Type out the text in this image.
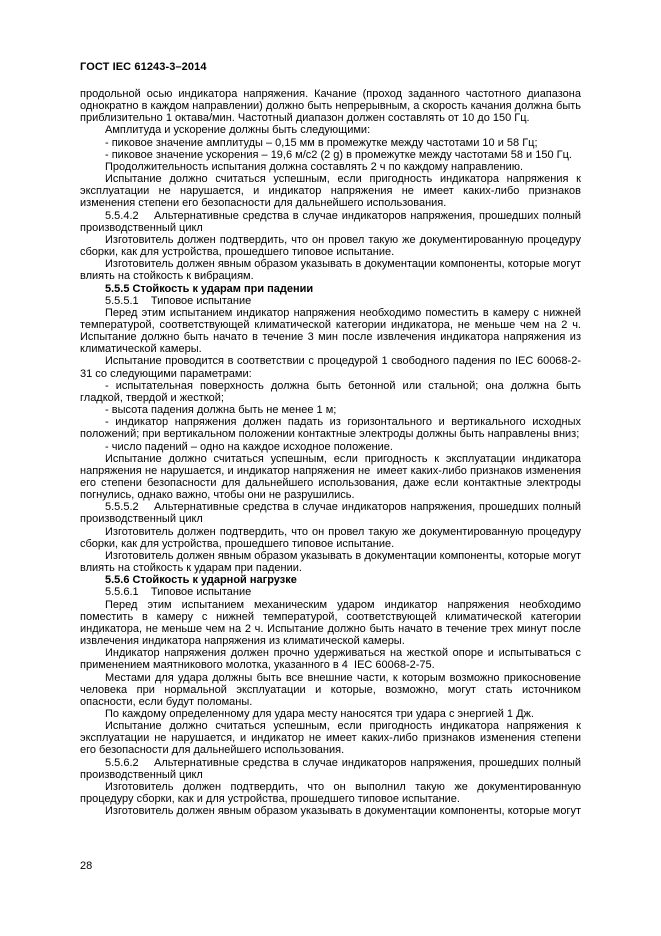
ГОСТ IEC 61243-3–2014

продольной осью индикатора напряжения. Качание (проход заданного частотного диапазона однократно в каждом направлении) должно быть непрерывным, а скорость качания должна быть приблизительно 1 октава/мин. Частотный диапазон должен составлять от 10 до 150 Гц.

Амплитуда и ускорение должны быть следующими:

- пиковое значение амплитуды – 0,15 мм в промежутке между частотами 10 и 58 Гц;

- пиковое значение ускорения – 19,6 м/с2 (2 g) в промежутке между частотами 58 и 150 Гц.

Продолжительность испытания должна составлять 2 ч по каждому направлению.

Испытание должно считаться успешным, если пригодность индикатора напряжения к эксплуатации не нарушается, и индикатор напряжения не имеет каких-либо признаков изменения степени его безопасности для дальнейшего использования.

5.5.4.2    Альтернативные средства в случае индикаторов напряжения, прошедших полный производственный цикл

Изготовитель должен подтвердить, что он провел такую же документированную процедуру сборки, как для устройства, прошедшего типовое испытание.

Изготовитель должен явным образом указывать в документации компоненты, которые могут влиять на стойкость к вибрациям.

5.5.5 Стойкость к ударам при падении

5.5.5.1    Типовое испытание

Перед этим испытанием индикатор напряжения необходимо поместить в камеру с нижней температурой, соответствующей климатической категории индикатора, не меньше чем на 2 ч. Испытание должно быть начато в течение 3 мин после извлечения индикатора напряжения из климатической камеры.

Испытание проводится в соответствии с процедурой 1 свободного падения по IEC 60068-2-31 со следующими параметрами:

- испытательная поверхность должна быть бетонной или стальной; она должна быть гладкой, твердой и жесткой;

- высота падения должна быть не менее 1 м;

- индикатор напряжения должен падать из горизонтального и вертикального исходных положений; при вертикальном положении контактные электроды должны быть направлены вниз;

- число падений – одно на каждое исходное положение.

Испытание должно считаться успешным, если пригодность к эксплуатации индикатора напряжения не нарушается, и индикатор напряжения не  имеет каких-либо признаков изменения его степени безопасности для дальнейшего использования, даже если контактные электроды погнулись, однако важно, чтобы они не разрушились.

5.5.5.2    Альтернативные средства в случае индикаторов напряжения, прошедших полный производственный цикл

Изготовитель должен подтвердить, что он провел такую же документированную процедуру сборки, как для устройства, прошедшего типовое испытание.

Изготовитель должен явным образом указывать в документации компоненты, которые могут влиять на стойкость к ударам при падении.

5.5.6 Стойкость к ударной нагрузке

5.5.6.1    Типовое испытание

Перед этим испытанием механическим ударом индикатор напряжения необходимо поместить в камеру с нижней температурой, соответствующей климатической категории индикатора, не меньше чем на 2 ч. Испытание должно быть начато в течение трех минут после извлечения индикатора напряжения из климатической камеры.

Индикатор напряжения должен прочно удерживаться на жесткой опоре и испытываться с применением маятникового молотка, указанного в 4  IEC 60068-2-75.

Местами для удара должны быть все внешние части, к которым возможно прикосновение человека при нормальной эксплуатации и которые, возможно, могут стать источником опасности, если будут поломаны.

По каждому определенному для удара месту наносятся три удара с энергией 1 Дж.

Испытание должно считаться успешным, если пригодность индикатора напряжения к эксплуатации не нарушается, и индикатор не имеет каких-либо признаков изменения степени его безопасности для дальнейшего использования.

5.5.6.2    Альтернативные средства в случае индикаторов напряжения, прошедших полный производственный цикл

Изготовитель должен подтвердить, что он выполнил такую же документированную процедуру сборки, как и для устройства, прошедшего типовое испытание.

Изготовитель должен явным образом указывать в документации компоненты, которые могут

28
